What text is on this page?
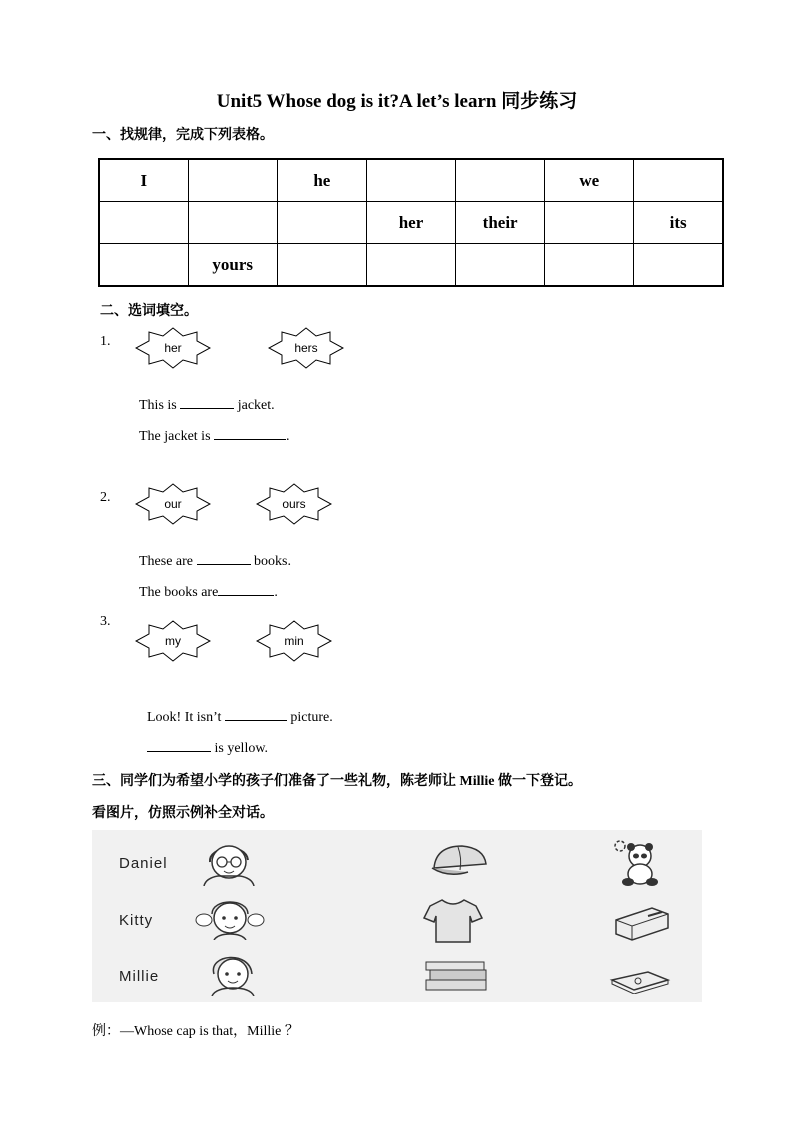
Unit5 Whose dog is it?A let’s learn 同步练习
一、找规律，完成下列表格。
I		he			we	
			her	their		its
	yours					
二、选词填空。
1.	her	hers
This is	jacket.
The jacket is	.
2.	our	ours
These are	books.
The books are	.
3.
my	min
Look! It isn’t	picture.
is yellow.
三、同学们为希望小学的孩子们准备了一些礼物，陈老师让 Millie 做一下登记。
看图片，仿照示例补全对话。
Daniel
Kitty
Millie
例：—Whose cap is that，Millie ？
